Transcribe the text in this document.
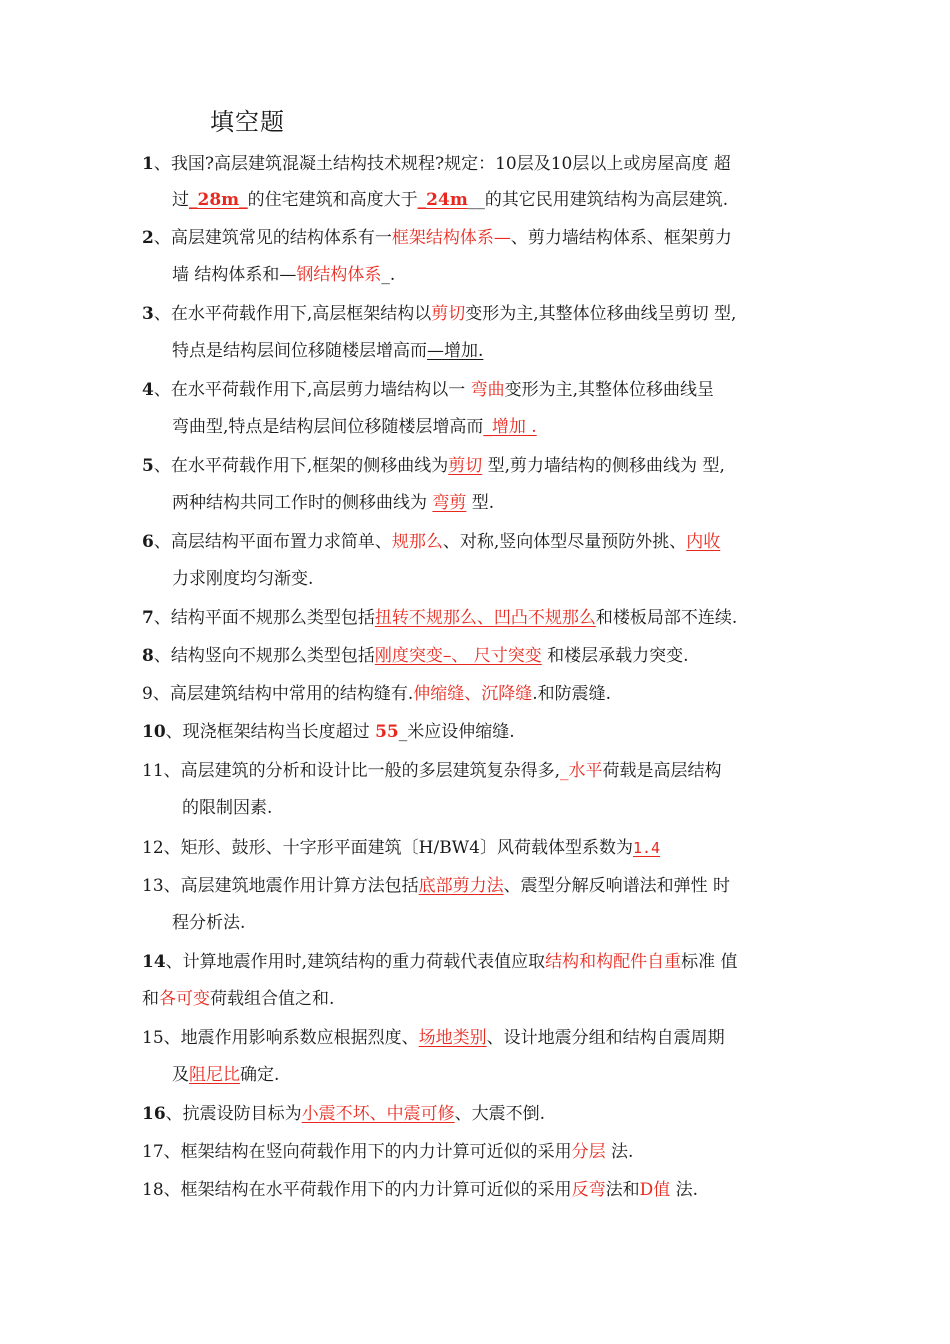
填空题
1、我国?高层建筑混凝土结构技术规程?规定：10层及10层以上或房屋高度 超
过_28m_的住宅建筑和高度大于_24m__的其它民用建筑结构为高层建筑.
2、高层建筑常见的结构体系有一框架结构体系—、剪力墙结构体系、框架剪力
墙 结构体系和—钢结构体系_.
3、在水平荷载作用下,高层框架结构以剪切变形为主,其整体位移曲线呈剪切 型,
特点是结构层间位移随楼层增高而—增加.
4、在水平荷载作用下,高层剪力墙结构以一 弯曲变形为主,其整体位移曲线呈
弯曲型,特点是结构层间位移随楼层增高而_增加 .
5、在水平荷载作用下,框架的侧移曲线为剪切 型,剪力墙结构的侧移曲线为 型,
两种结构共同工作时的侧移曲线为 弯剪 型.
6、高层结构平面布置力求简单、规那么、对称,竖向体型尽量预防外挑、内收
力求刚度均匀渐变.
7、结构平面不规那么类型包括扭转不规那么、凹凸不规那么和楼板局部不连续.
8、结构竖向不规那么类型包括刚度突变–、 尺寸突变 和楼层承载力突变.
9、高层建筑结构中常用的结构缝有.伸缩缝、沉降缝.和防震缝.
10、现浇框架结构当长度超过 55_米应设伸缩缝.
11、高层建筑的分析和设计比一般的多层建筑复杂得多,_水平荷载是高层结构
的限制因素.
12、矩形、鼓形、十字形平面建筑〔H/BW4〕风荷载体型系数为1.4
13、高层建筑地震作用计算方法包括底部剪力法、震型分解反响谱法和弹性 时
程分析法.
14、计算地震作用时,建筑结构的重力荷载代表值应取结构和构配件自重标准 值
和各可变荷载组合值之和.
15、地震作用影响系数应根据烈度、场地类别、设计地震分组和结构自震周期
及阻尼比确定.
16、抗震设防目标为小震不坏、中震可修、大震不倒.
17、框架结构在竖向荷载作用下的内力计算可近似的采用分层 法.
18、框架结构在水平荷载作用下的内力计算可近似的采用反弯法和D值 法.
